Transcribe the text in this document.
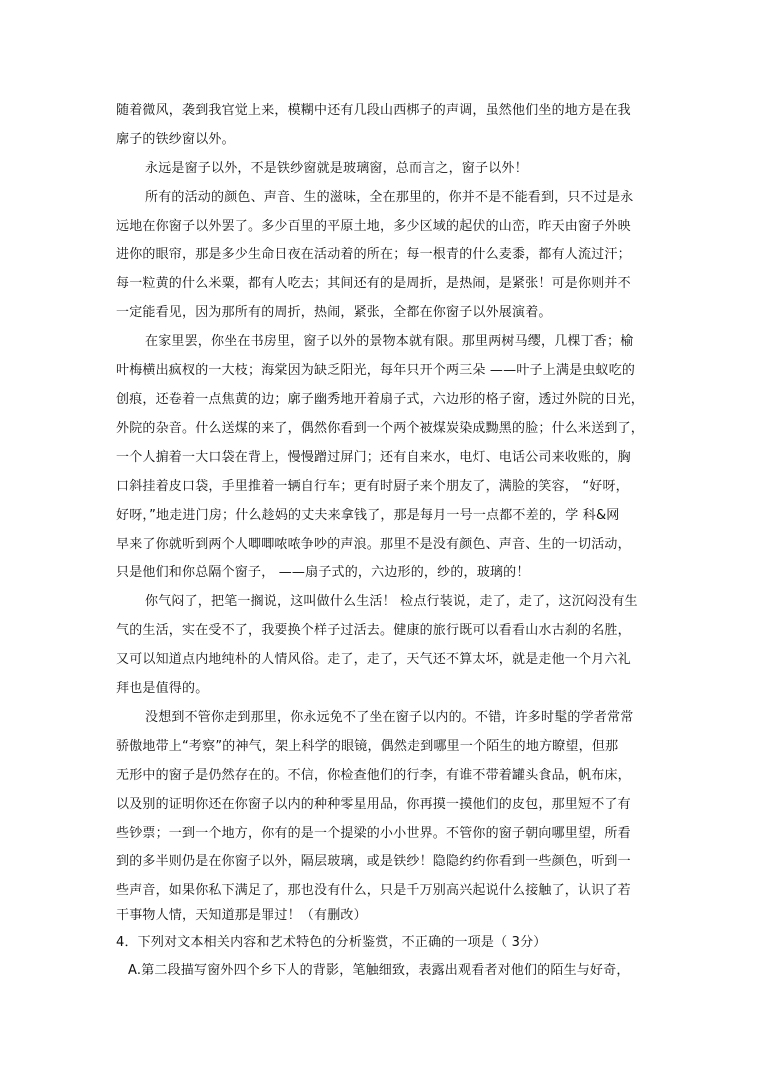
随着微风，袭到我官觉上来，模糊中还有几段山西梆子的声调，虽然他们坐的地方是在我
廓子的铁纱窗以外。
永远是窗子以外，不是铁纱窗就是玻璃窗，总而言之，窗子以外！
所有的活动的颜色、声音、生的滋味，全在那里的，你并不是不能看到，只不过是永
远地在你窗子以外罢了。多少百里的平原土地，多少区域的起伏的山峦，昨天由窗子外映
进你的眼帘，那是多少生命日夜在活动着的所在；每一根青的什么麦黍，都有人流过汗；
每一粒黄的什么米粟，都有人吃去；其间还有的是周折，是热闹，是紧张！可是你则并不
一定能看见，因为那所有的周折，热闹，紧张，全都在你窗子以外展演着。
在家里罢，你坐在书房里，窗子以外的景物本就有限。那里两树马缨，几棵丁香；榆
叶梅横出疯杈的一大枝；海棠因为缺乏阳光，每年只开个两三朵 ——叶子上满是虫蚁吃的
创痕，还卷着一点焦黄的边；廓子幽秀地开着扇子式，六边形的格子窗，透过外院的日光，
外院的杂音。什么送煤的来了，偶然你看到一个两个被煤炭染成黝黑的脸；什么米送到了，
一个人掮着一大口袋在背上，慢慢蹭过屏门；还有自来水，电灯、电话公司来收账的，胸
口斜挂着皮口袋，手里推着一辆自行车；更有时厨子来个朋友了，满脸的笑容， “好呀，
好呀，”地走进门房；什么趁妈的丈夫来拿钱了，那是每月一号一点都不差的，学 科&网
早来了你就听到两个人唧唧哝哝争吵的声浪。那里不是没有颜色、声音、生的一切活动，
只是他们和你总隔个窗子， ——扇子式的，六边形的，纱的，玻璃的！
你气闷了，把笔一搁说，这叫做什么生活！ 检点行装说，走了，走了，这沉闷没有生
气的生活，实在受不了，我要换个样子过活去。健康的旅行既可以看看山水古刹的名胜，
又可以知道点内地纯朴的人情风俗。走了，走了，天气还不算太坏，就是走他一个月六礼
拜也是值得的。
没想到不管你走到那里，你永远免不了坐在窗子以内的。不错，许多时髦的学者常常
骄傲地带上“考察”的神气，架上科学的眼镜，偶然走到哪里一个陌生的地方瞭望，但那
无形中的窗子是仍然存在的。不信，你检查他们的行李，有谁不带着罐头食品，帆布床，
以及别的证明你还在你窗子以内的种种零星用品，你再摸一摸他们的皮包，那里短不了有
些钞票；一到一个地方，你有的是一个提梁的小小世界。不管你的窗子朝向哪里望，所看
到的多半则仍是在你窗子以外，隔层玻璃，或是铁纱！隐隐约约你看到一些颜色，听到一
些声音，如果你私下满足了，那也没有什么，只是千万别高兴起说什么接触了，认识了若
干事物人情，天知道那是罪过！（有删改）
4．下列对文本相关内容和艺术特色的分析鉴赏，不正确的一项是（ 3分）
A.第二段描写窗外四个乡下人的背影，笔触细致，表露出观看者对他们的陌生与好奇，
